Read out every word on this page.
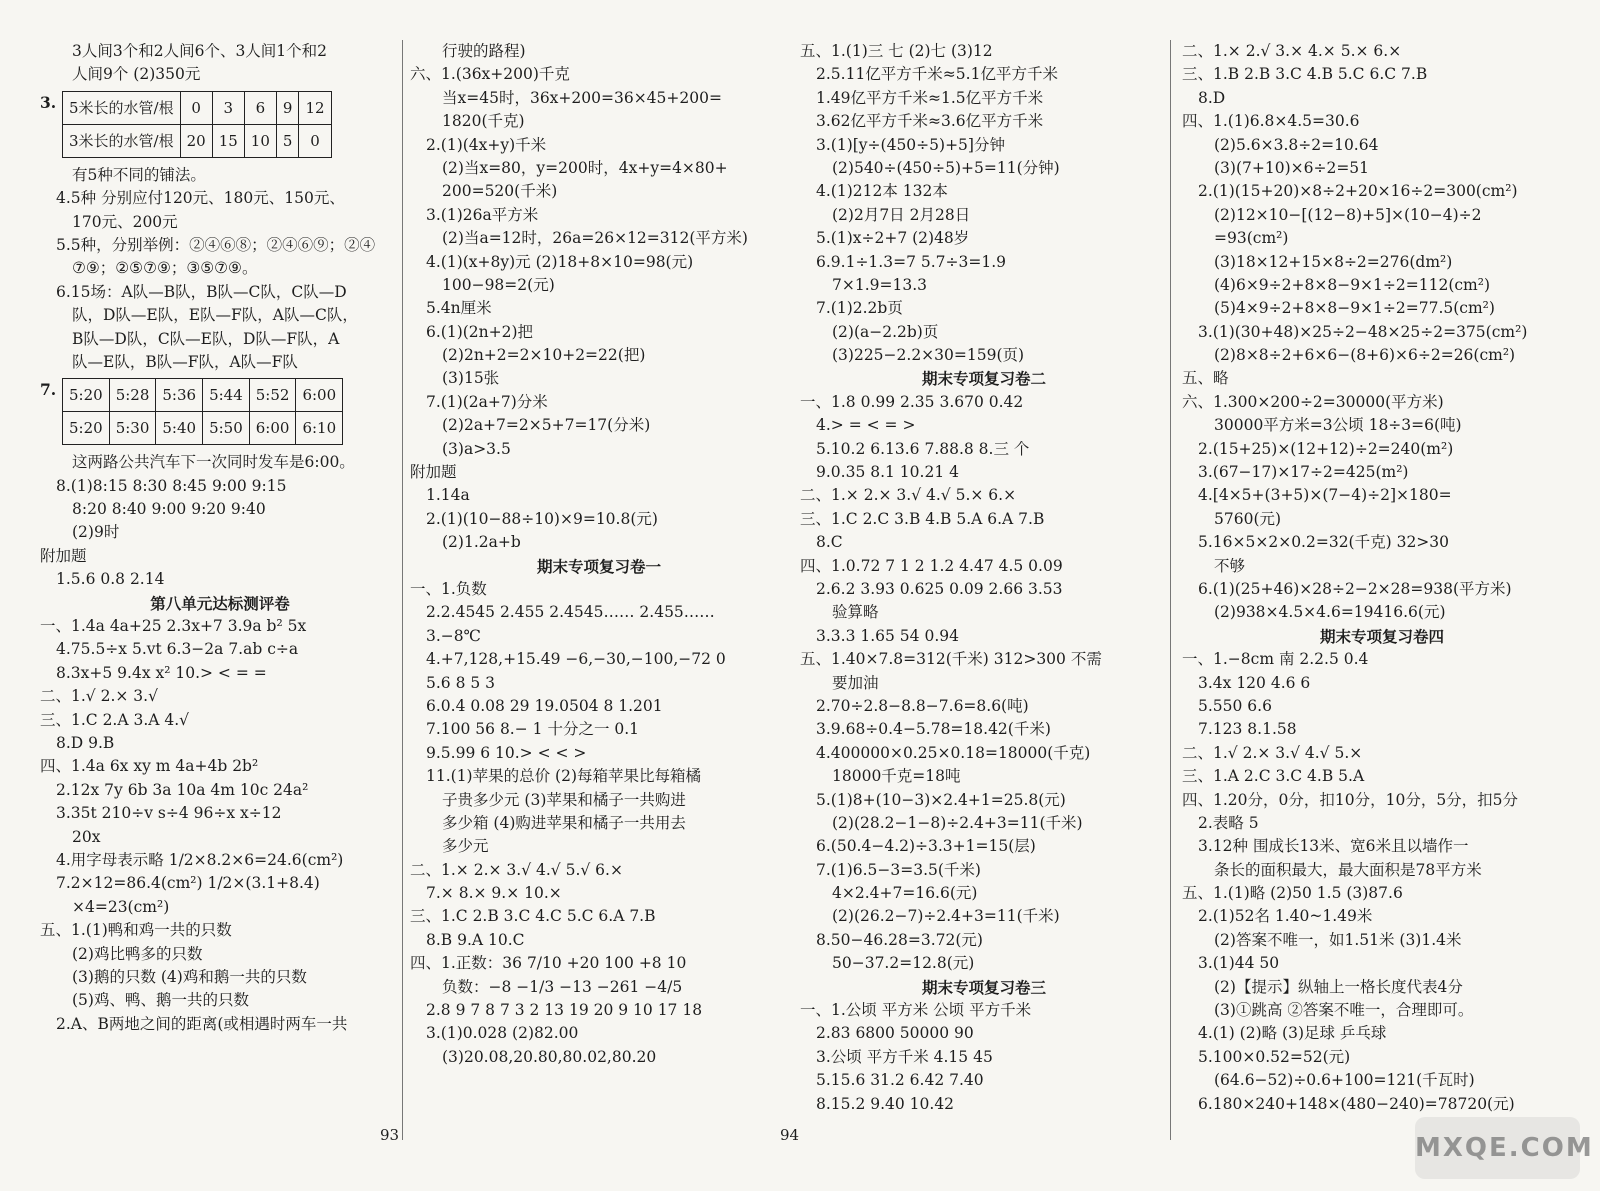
3人间3个和2人间6个、3人间1个和2
人间9个 (2)350元
3. 5米长的水管/根	0	3	6	9	12
3米长的水管/根	20	15	10	5	0
有5种不同的铺法。
4.5种 分别应付120元、180元、150元、
170元、200元
5.5种，分别举例：②④⑥⑧；②④⑥⑨；②④
⑦⑨；②⑤⑦⑨；③⑤⑦⑨。
6.15场：A队—B队，B队—C队，C队—D
队，D队—E队，E队—F队，A队—C队，
B队—D队，C队—E队，D队—F队，A
队—E队，B队—F队，A队—F队
7. 5:20	5:28	5:36	5:44	5:52	6:00
5:20	5:30	5:40	5:50	6:00	6:10
这两路公共汽车下一次同时发车是6:00。
8.(1)8:15 8:30 8:45 9:00 9:15
8:20 8:40 9:00 9:20 9:40
(2)9时
附加题
1.5.6 0.8 2.14
第八单元达标测评卷
一、1.4a 4a+25 2.3x+7 3.9a b² 5x
4.75.5÷x 5.vt 6.3−2a 7.ab c÷a
8.3x+5 9.4x x² 10.> < = =
二、1.√ 2.× 3.√
三、1.C 2.A 3.A 4.√
8.D 9.B
四、1.4a 6x xy m 4a+4b 2b²
2.12x 7y 6b 3a 10a 4m 10c 24a²
3.35t 210÷v s÷4 96÷x x÷12
20x
4.用字母表示略 1/2×8.2×6=24.6(cm²)
7.2×12=86.4(cm²) 1/2×(3.1+8.4)
×4=23(cm²)
五、1.(1)鸭和鸡一共的只数
(2)鸡比鸭多的只数
(3)鹅的只数 (4)鸡和鹅一共的只数
(5)鸡、鸭、鹅一共的只数
2.A、B两地之间的距离(或相遇时两车一共
行驶的路程)
六、1.(36x+200)千克
当x=45时，36x+200=36×45+200=
1820(千克)
2.(1)(4x+y)千米
(2)当x=80，y=200时，4x+y=4×80+
200=520(千米)
3.(1)26a平方米
(2)当a=12时，26a=26×12=312(平方米)
4.(1)(x+8y)元 (2)18+8×10=98(元)
100−98=2(元)
5.4n厘米
6.(1)(2n+2)把
(2)2n+2=2×10+2=22(把)
(3)15张
7.(1)(2a+7)分米
(2)2a+7=2×5+7=17(分米)
(3)a>3.5
附加题
1.14a
2.(1)(10−88÷10)×9=10.8(元)
(2)1.2a+b
期末专项复习卷一
一、1.负数
2.2.4545 2.455 2.4545…… 2.455……
3.−8℃
4.+7,128,+15.49 −6,−30,−100,−72 0
5.6 8 5 3
6.0.4 0.08 29 19.0504 8 1.201
7.100 56 8.− 1 十分之一 0.1
9.5.99 6 10.> < < >
11.(1)苹果的总价 (2)每箱苹果比每箱橘
子贵多少元 (3)苹果和橘子一共购进
多少箱 (4)购进苹果和橘子一共用去
多少元
二、1.× 2.× 3.√ 4.√ 5.√ 6.×
7.× 8.× 9.× 10.×
三、1.C 2.B 3.C 4.C 5.C 6.A 7.B
8.B 9.A 10.C
四、1.正数：36 7/10 +20 100 +8 10
负数：−8 −1/3 −13 −261 −4/5
2.8 9 7 8 7 3 2 13 19 20 9 10 17 18
3.(1)0.028 (2)82.00
(3)20.08,20.80,80.02,80.20
93
五、1.(1)三 七 (2)七 (3)12
2.5.11亿平方千米≈5.1亿平方千米
1.49亿平方千米≈1.5亿平方千米
3.62亿平方千米≈3.6亿平方千米
3.(1)[y÷(450÷5)+5]分钟
(2)540÷(450÷5)+5=11(分钟)
4.(1)212本 132本
(2)2月7日 2月28日
5.(1)x÷2+7 (2)48岁
6.9.1÷1.3=7 5.7÷3=1.9
7×1.9=13.3
7.(1)2.2b页
(2)(a−2.2b)页
(3)225−2.2×30=159(页)
期末专项复习卷二
一、1.8 0.99 2.35 3.670 0.42
4.> = < = >
5.10.2 6.13.6 7.88.8 8.三 个
9.0.35 8.1 10.21 4
二、1.× 2.× 3.√ 4.√ 5.× 6.×
三、1.C 2.C 3.B 4.B 5.A 6.A 7.B
8.C
四、1.0.72 7 1 2 1.2 4.47 4.5 0.09
2.6.2 3.93 0.625 0.09 2.66 3.53
验算略
3.3.3 1.65 54 0.94
五、1.40×7.8=312(千米) 312>300 不需
要加油
2.70÷2.8−8.8−7.6=8.6(吨)
3.9.68÷0.4−5.78=18.42(千米)
4.400000×0.25×0.18=18000(千克)
18000千克=18吨
5.(1)8+(10−3)×2.4+1=25.8(元)
(2)(28.2−1−8)÷2.4+3=11(千米)
6.(50.4−4.2)÷3.3+1=15(层)
7.(1)6.5−3=3.5(千米)
4×2.4+7=16.6(元)
(2)(26.2−7)÷2.4+3=11(千米)
8.50−46.28=3.72(元)
50−37.2=12.8(元)
期末专项复习卷三
一、1.公顷 平方米 公顷 平方千米
2.83 6800 50000 90
3.公顷 平方千米 4.15 45
5.15.6 31.2 6.42 7.40
8.15.2 9.40 10.42
二、1.× 2.√ 3.× 4.× 5.× 6.×
三、1.B 2.B 3.C 4.B 5.C 6.C 7.B
8.D
四、1.(1)6.8×4.5=30.6
(2)5.6×3.8÷2=10.64
(3)(7+10)×6÷2=51
2.(1)(15+20)×8÷2+20×16÷2=300(cm²)
(2)12×10−[(12−8)+5]×(10−4)÷2
=93(cm²)
(3)18×12+15×8÷2=276(dm²)
(4)6×9÷2+8×8−9×1÷2=112(cm²)
(5)4×9÷2+8×8−9×1÷2=77.5(cm²)
3.(1)(30+48)×25÷2−48×25÷2=375(cm²)
(2)8×8÷2+6×6−(8+6)×6÷2=26(cm²)
五、略
六、1.300×200÷2=30000(平方米)
30000平方米=3公顷 18÷3=6(吨)
2.(15+25)×(12+12)÷2=240(m²)
3.(67−17)×17÷2=425(m²)
4.[4×5+(3+5)×(7−4)÷2]×180=
5760(元)
5.16×5×2×0.2=32(千克) 32>30
不够
6.(1)(25+46)×28÷2−2×28=938(平方米)
(2)938×4.5×4.6=19416.6(元)
期末专项复习卷四
一、1.−8cm 南 2.2.5 0.4
3.4x 120 4.6 6
5.550 6.6
7.123 8.1.58
二、1.√ 2.× 3.√ 4.√ 5.×
三、1.A 2.C 3.C 4.B 5.A
四、1.20分，0分，扣10分，10分，5分，扣5分
2.表略 5
3.12种 围成长13米、宽6米且以墙作一
条长的面积最大，最大面积是78平方米
五、1.(1)略 (2)50 1.5 (3)87.6
2.(1)52名 1.40~1.49米
(2)答案不唯一，如1.51米 (3)1.4米
3.(1)44 50
(2)【提示】纵轴上一格长度代表4分
(3)①跳高 ②答案不唯一，合理即可。
4.(1) (2)略 (3)足球 乒乓球
5.100×0.52=52(元)
(64.6−52)÷0.6+100=121(千瓦时)
6.180×240+148×(480−240)=78720(元)
94	MXQE.COM
